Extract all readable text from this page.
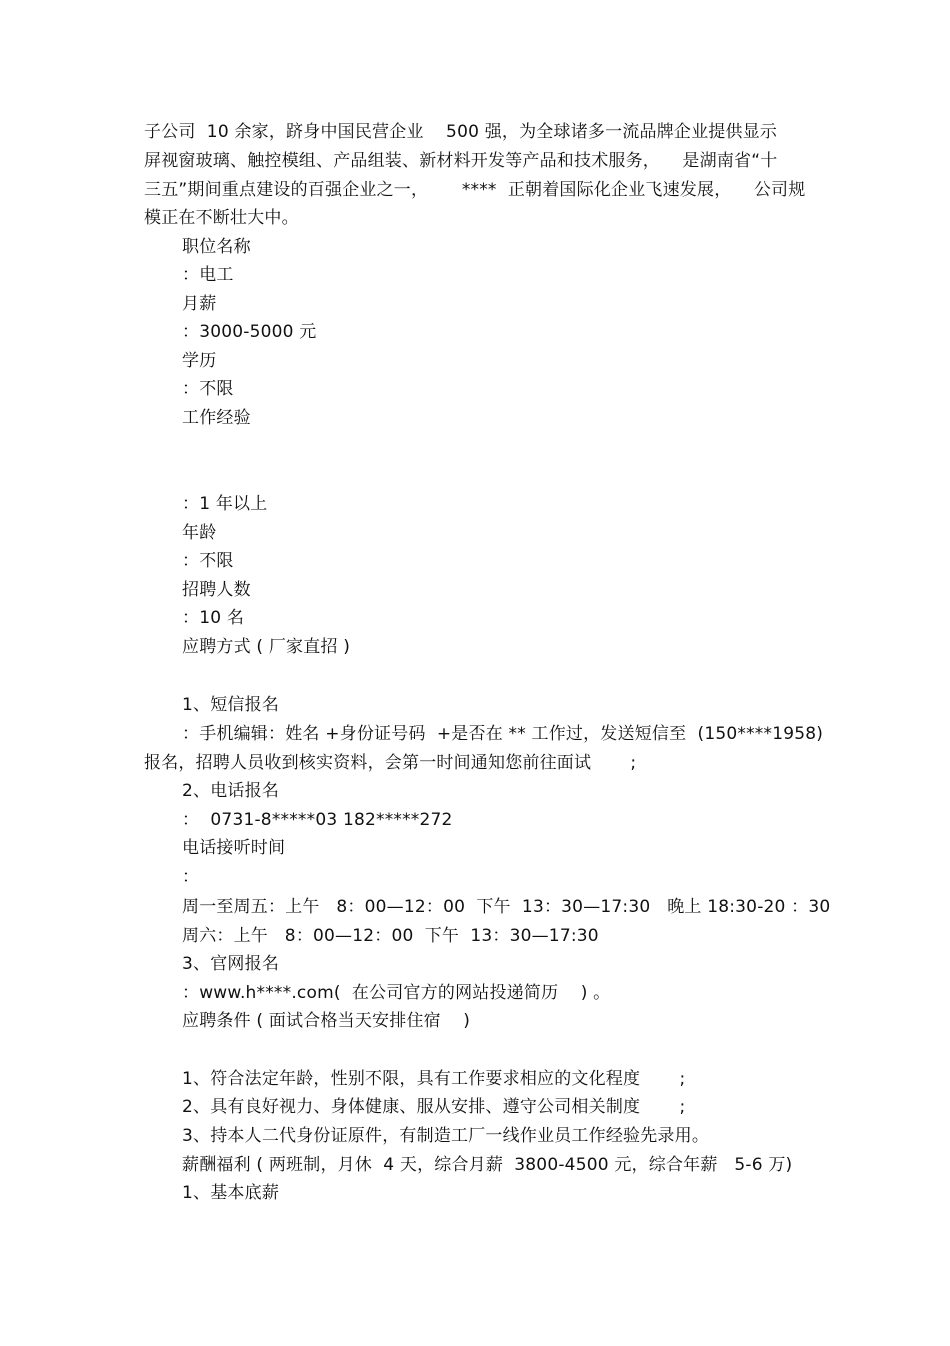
子公司  10 余家，跻身中国民营企业    500 强，为全球诸多一流品牌企业提供显示
屏视窗玻璃、触控模组、产品组装、新材料开发等产品和技术服务，    是湖南省“十
三五”期间重点建设的百强企业之一，      ****  正朝着国际化企业飞速发展，    公司规
模正在不断壮大中。
职位名称
：电工
月薪
：3000-5000 元
学历
：不限
工作经验
：1 年以上
年龄
：不限
招聘人数
：10 名
应聘方式 ( 厂家直招 )
1、短信报名
：手机编辑：姓名 +身份证号码  +是否在 ** 工作过，发送短信至  (150****1958)
报名，招聘人员收到核实资料，会第一时间通知您前往面试       ;
2、电话报名
：  0731-8*****03 182*****272
电话接听时间
：
周一至周五：上午   8：00—12：00  下午  13：30—17:30   晚上 18:30-20 ：30
周六：上午   8：00—12：00  下午  13：30—17:30
3、官网报名
：www.h****.com(  在公司官方的网站投递简历    ) 。
应聘条件 ( 面试合格当天安排住宿    )
1、符合法定年龄，性别不限，具有工作要求相应的文化程度       ;
2、具有良好视力、身体健康、服从安排、遵守公司相关制度       ;
3、持本人二代身份证原件，有制造工厂一线作业员工作经验先录用。
薪酬福利 ( 两班制，月休  4 天，综合月薪  3800-4500 元，综合年薪   5-6 万)
1、基本底薪
